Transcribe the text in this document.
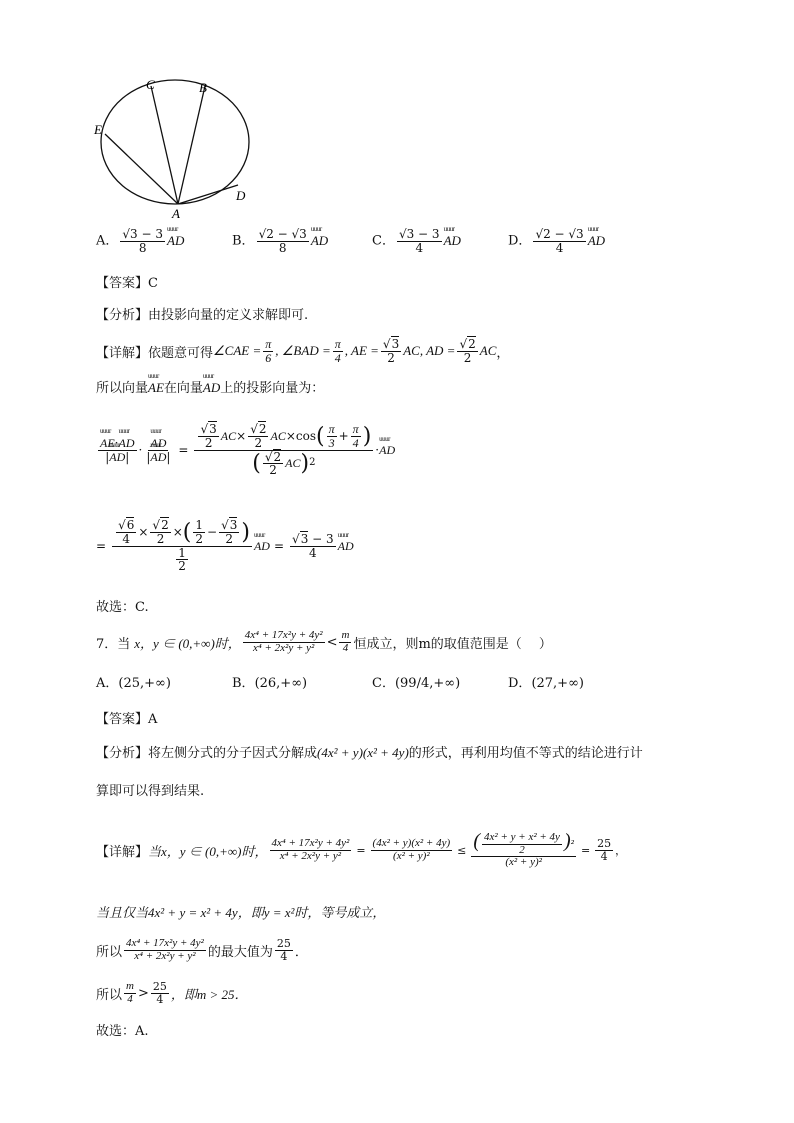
C	B
E
D
A
A． $\frac{√3 - 3}{8}$ uuur AD	B． $\frac{√2 - √3}{8}$ uuur AD	C． $\frac{√3 - 3}{4}$ uuur AD	D． $\frac{√2 - √3}{4}$ uuur AD
【答案】C
【分析】由投影向量的定义求解即可.
【详解】 依题意可得 ∠CAE = $\frac{\pi}{6}$ , ∠BAD = $\frac{\pi}{4}$ , AE = $\frac{√3}{2}$ AC, AD = $\frac{√2}{2}$ AC ，
所以向量uuur AE在向量uuur AD上的投影向量为：
uuur $\frac{\text{AE·uuur AD}}{\text{|uuur AD|}}$ · uuur $\frac{AD}{\text{|uuur AD|}} = \frac{\frac{√3}{2} AC \times \frac{√2}{2} AC \times\cos ( \frac{\pi}{3} + \frac{\pi}{4} )}{( \frac{√2}{2} AC ) 2}$ · uuur AD
= $\frac{\frac{√6}{4} \times \frac{√2}{2} \times ( \frac{1}{2} - \frac{√3}{2} )}{\frac{1}{2}}$ uuur AD = $\frac{√3 - 3}{4}$ uuur AD
故选：C.
7．当 x，y ∈ (0,+∞)时， $\frac{\text{4x⁴ + 17x²y + 4y²}}{\text{x⁴ + 2x²y + y²}} < \frac{m}{4}$ 恒成立，则m的取值范围是（　 ）
A．(25,+∞)	B．(26,+∞)	C．(99/4,+∞)	D．(27,+∞)
【答案】A
【分析】将左侧分式的分子因式分解成(4x² + y)(x² + 4y)的形式，再利用均值不等式的结论进行计
算即可以得到结果.
【详解】 当x，y ∈ (0,+∞)时， $\frac{\text{4x⁴ + 17x²y + 4y²}}{\text{x⁴ + 2x²y + y²}} = \frac{\text{(4x² + y)(x² + 4y)}}{\text{(x² + y)²}} \le \frac{( \frac{\text{4x² + y + x² + 4y}}{2} )^2}{\text{(x² + y)²}} = \frac{25}{4}$ ，
当且仅当4x² + y = x² + 4y，即y = x²时，等号成立，
所以 $\frac{\text{4x⁴ + 17x²y + 4y²}}{\text{x⁴ + 2x²y + y²}}$ 的最大值为 $\frac{25}{4}$ ．
所以 $\frac{m}{4} > \frac{25}{4}$ ，即m > 25．
故选：A.
